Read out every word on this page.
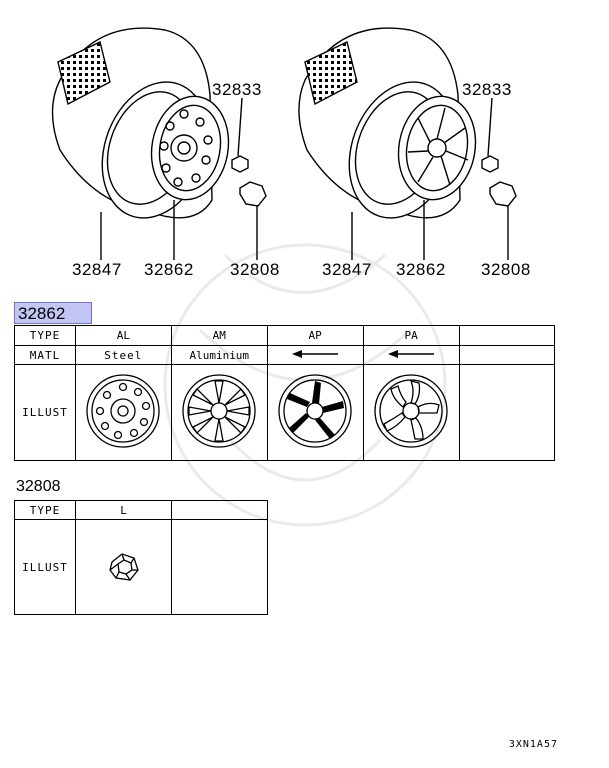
32833
32847 32862 32808
32833
32847 32862 32808
32862
TYPE	AL	AM	AP	PA	
MATL	Steel	Aluminium			
ILLUST					
32808
TYPE	L	
ILLUST		
3XN1A57
